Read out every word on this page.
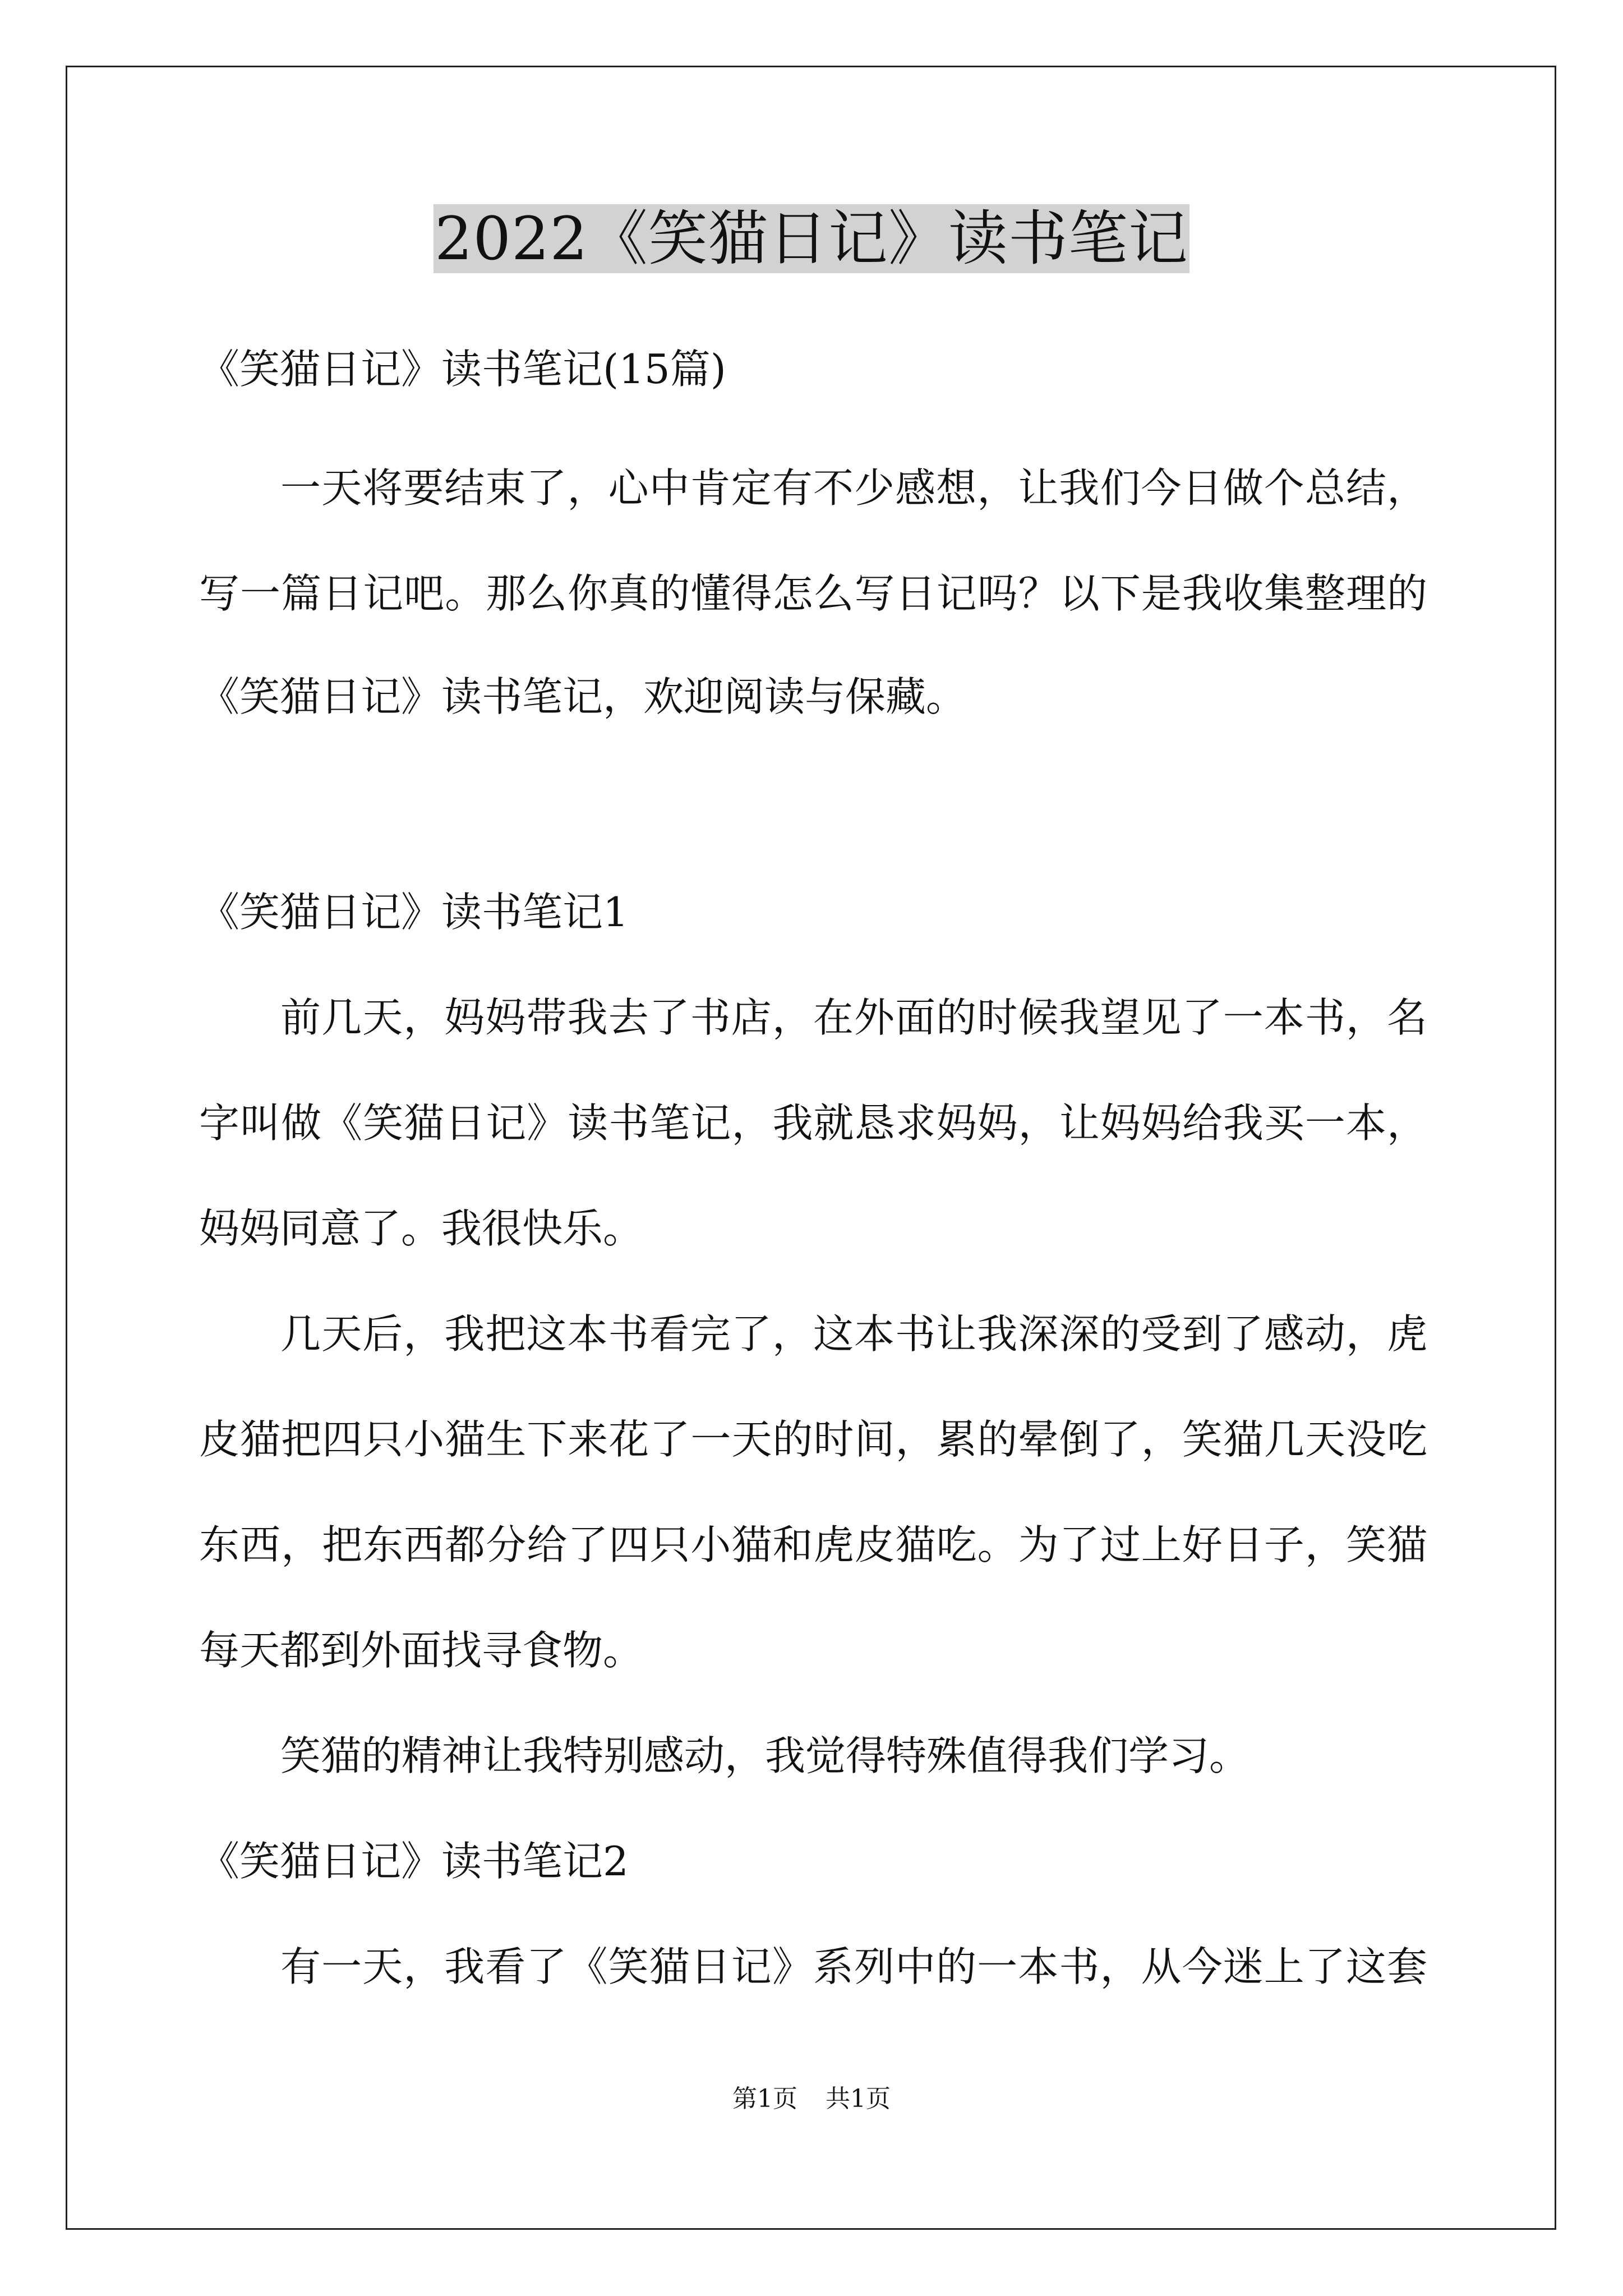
2022《笑猫日记》读书笔记
《笑猫日记》读书笔记(15篇)
一天将要结束了，心中肯定有不少感想，让我们今日做个总结，
写一篇日记吧。那么你真的懂得怎么写日记吗？以下是我收集整理的
《笑猫日记》读书笔记，欢迎阅读与保藏。
《笑猫日记》读书笔记1
前几天，妈妈带我去了书店，在外面的时候我望见了一本书，名
字叫做《笑猫日记》读书笔记，我就恳求妈妈，让妈妈给我买一本，
妈妈同意了。我很快乐。
几天后，我把这本书看完了，这本书让我深深的受到了感动，虎
皮猫把四只小猫生下来花了一天的时间，累的晕倒了，笑猫几天没吃
东西，把东西都分给了四只小猫和虎皮猫吃。为了过上好日子，笑猫
每天都到外面找寻食物。
笑猫的精神让我特别感动，我觉得特殊值得我们学习。
《笑猫日记》读书笔记2
有一天，我看了《笑猫日记》系列中的一本书，从今迷上了这套
第1页 共1页
